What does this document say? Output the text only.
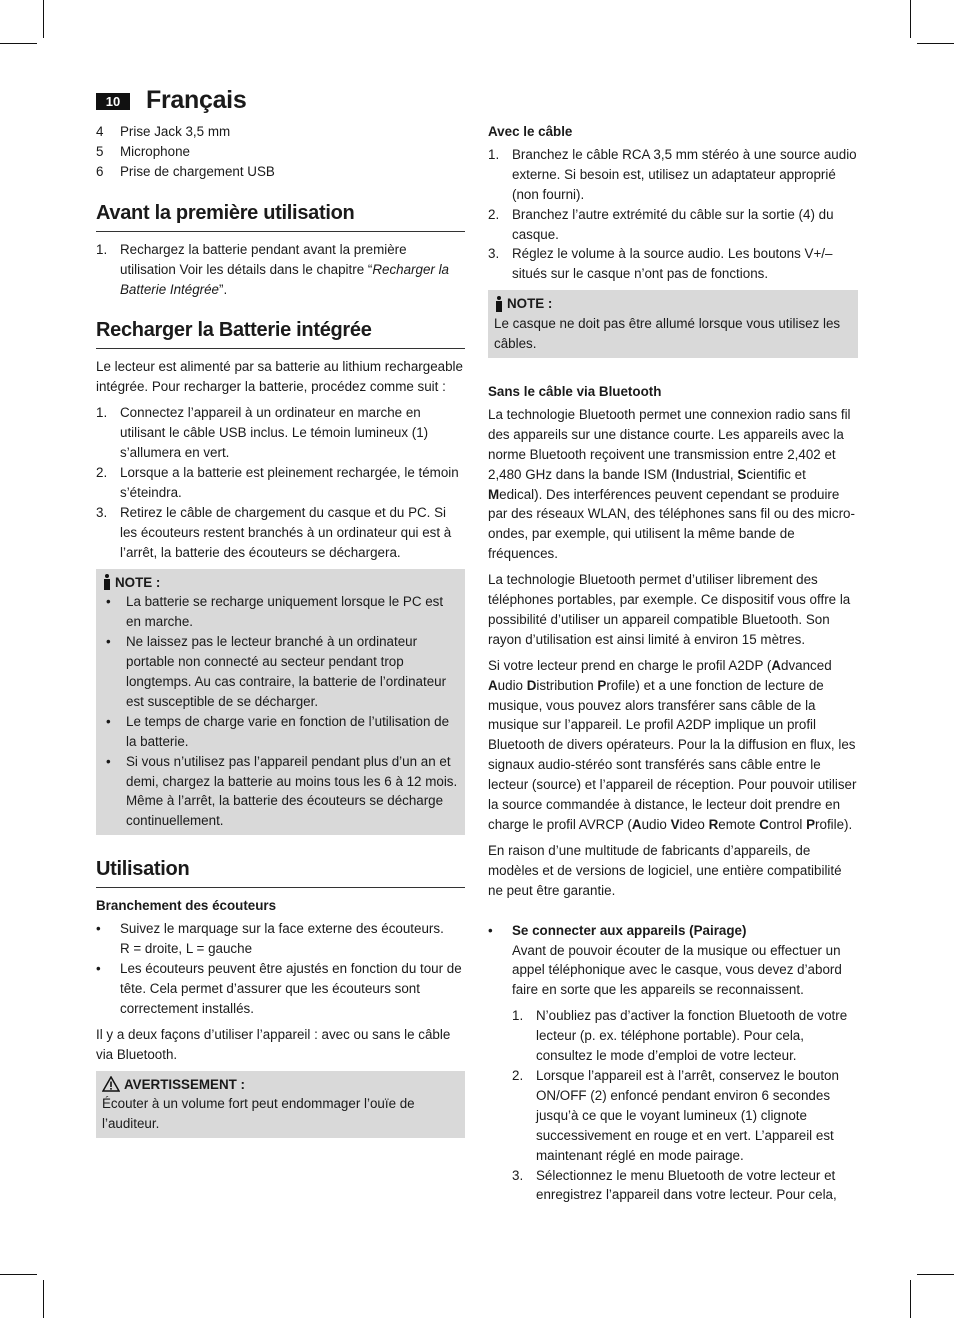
10	Français
4	Prise Jack 3,5 mm
5	Microphone
6	Prise de chargement USB
Avant la première utilisation
1. Rechargez la batterie pendant avant la première utilisation Voir les détails dans le chapitre “Recharger la Batterie Intégrée”.
Recharger la Batterie intégrée

Le lecteur est alimenté par sa batterie au lithium rechargeable intégrée. Pour recharger la batterie, procédez comme suit :

1. Connectez l’appareil à un ordinateur en marche en utilisant le câble USB inclus. Le témoin lumineux (1) s’allumera en vert.
2. Lorsque a la batterie est pleinement rechargée, le témoin s’éteindra.
3. Retirez le câble de chargement du casque et du PC. Si les écouteurs restent branchés à un ordinateur qui est à l’arrêt, la batterie des écouteurs se déchargera.
NOTE :
•	La batterie se recharge uniquement lorsque le PC est en marche.
•	Ne laissez pas le lecteur branché à un ordinateur portable non connecté au secteur pendant trop longtemps. Au cas contraire, la batterie de l’ordinateur est susceptible de se décharger.
•	Le temps de charge varie en fonction de l’utilisation de la batterie.
•	Si vous n’utilisez pas l’appareil pendant plus d’un an et demi, chargez la batterie au moins tous les 6 à 12 mois. Même à l’arrêt, la batterie des écouteurs se décharge continuellement.
Utilisation

Branchement des écouteurs

•	Suivez le marquage sur la face externe des écouteurs.
R = droite, L = gauche
•	Les écouteurs peuvent être ajustés en fonction du tour de tête. Cela permet d’assurer que les écouteurs sont correctement installés.

Il y a deux façons d’utiliser l’appareil : avec ou sans le câble via Bluetooth.

AVERTISSEMENT :

Écouter à un volume fort peut endommager l’ouïe de l’auditeur.

Avec le câble

1. Branchez le câble RCA 3,5 mm stéréo à une source audio externe. Si besoin est, utilisez un adaptateur approprié (non fourni).
2. Branchez l’autre extrémité du câble sur la sortie (4) du casque.
3. Réglez le volume à la source audio. Les boutons V+/– situés sur le casque n’ont pas de fonctions.
NOTE :

Le casque ne doit pas être allumé lorsque vous utilisez les câbles.

Sans le câble via Bluetooth

La technologie Bluetooth permet une connexion radio sans fil des appareils sur une distance courte. Les appareils avec la norme Bluetooth reçoivent une transmission entre 2,402 et 2,480 GHz dans la bande ISM (Industrial, Scientific et Medical). Des interférences peuvent cependant se produire par des réseaux WLAN, des téléphones sans fil ou des micro-ondes, par exemple, qui utilisent la même bande de fréquences.

La technologie Bluetooth permet d’utiliser librement des téléphones portables, par exemple. Ce dispositif vous offre la possibilité d’utiliser un appareil compatible Bluetooth. Son rayon d’utilisation est ainsi limité à environ 15 mètres.

Si votre lecteur prend en charge le profil A2DP (Advanced Audio Distribution Profile) et a une fonction de lecture de musique, vous pouvez alors transférer sans câble de la musique sur l’appareil. Le profil A2DP implique un profil Bluetooth de divers opérateurs. Pour la la diffusion en flux, les signaux audio-stéréo sont transférés sans câble entre le lecteur (source) et l’appareil de réception. Pour pouvoir utiliser la source commandée à distance, le lecteur doit prendre en charge le profil AVRCP (Audio Video Remote Control Profile).

En raison d’une multitude de fabricants d’appareils, de modèles et de versions de logiciel, une entière compatibilité ne peut être garantie.

•	Se connecter aux appareils (Pairage)
Avant de pouvoir écouter de la musique ou effectuer un appel téléphonique avec le casque, vous devez d’abord faire en sorte que les appareils se reconnaissent.
1. N’oubliez pas d’activer la fonction Bluetooth de votre lecteur (p. ex. téléphone portable). Pour cela, consultez le mode d’emploi de votre lecteur.
2. Lorsque l’appareil est à l’arrêt, conservez le bouton ON/OFF (2) enfoncé pendant environ 6 secondes jusqu’à ce que le voyant lumineux (1) clignote successivement en rouge et en vert. L’appareil est maintenant réglé en mode pairage.
3. Sélectionnez le menu Bluetooth de votre lecteur et enregistrez l’appareil dans votre lecteur. Pour cela,
